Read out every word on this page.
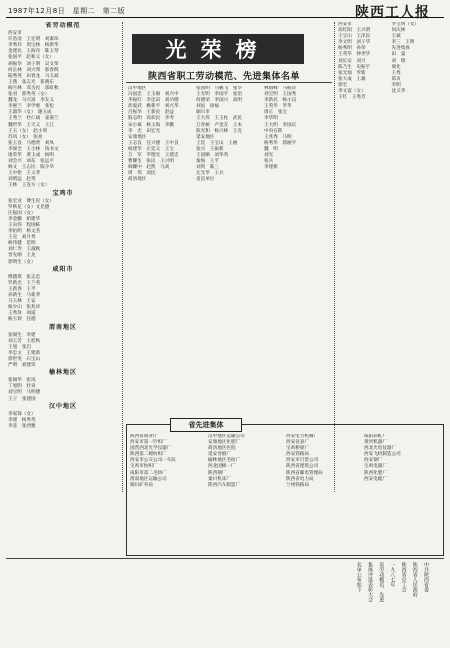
1987年12月8日　星期二　第二版	陕西工人报
省劳动模范

西安市

许浩清　王宏明　刘素珍

李秀玲　周宝林　杨新华

金建民　王海舟　陈玉琴

张国平　赵和义（女）

胡振华　刘子明　吴文荣

何长林　刘兴邦　郭春辉

陆秀英　田春龙　马义斌

王燕　张志光　崔晓东

杨月林　邓为民　郑虹秋

张君　郭秀英（女）

魏龙　马兴富　李友义

李惠兰　李学惠　张松

王淑华（女）　谢五成

王秀兰　杜仁斌　姜菊兰

魏世华　王天义　王江

王玉（女）　赵小周

苏风（女）　张亮

张玉良　马德贤　刘凤

李保全　王小林　钱书文

康荣华　黄玉成　杨明

刘会兴　刘东　张远平

杨文　王志民　陈少华

王中伦　王义孝

刘明远　赵英

王林　王连方（女）

宝鸡市

张宏业　傅生民（女）

罗秋花（女）文克德

汪振国（女）

李金鹏　柏建华

王向伟　程国栋

李佑明　杨文杰

王克　刘月秀

杨伟健　范明

刘仁寿　王淑秋

晋先刚　王龙

郭明生（女）

咸阳市

傅德琪　张志忠

罗新光　王兰英

王新春　王平

孙新生　马新孝

马玉林　王安

杨少山　张兆祥

王秀珍　刘道

杨玉锁　任德

渭南地区

张锡生　李建

刘玉芳　王桂秋

王旭　张启

李忠文　王建新

郭世英　石宝山

严明　刘建荣

榆林地区

张锡华　张岚

丁旭明　杜泉

刘宝明　马明德

王子　张建国

汉中地区

李家锋（女）

李建　杨秀英

李彦　张西雅

光荣榜
陕西省职工劳动模范、先进集体名单

汉中地区

冯国忠　王玉俊　刘兴中

李振红　李忠田　刘功德

彭爱武　姚新平　刘兴华

吕振华　王新民　赵益

殷志明　高积民　李寿

宋小斌　杨玉海　李鹏

李　光　田宏光

安康地区

王志良　任兴德　王中良

杨建华　庄廷义　王宝

万　军　罗德光　王建忠

曹耀生　张民　王兴明

阎耀中　赵凯　马高

周　伟　刘民

商洛地区

张国明　马鹏飞　张华

王光明　李国平　张治

何德荣　李国兴　高明

刘星　徐福

铜川市

王大伟　王玉柱　武民

万青树　卢金友　王本

陈光和　杨兴林　王克

延安地区

王廷　王宝山　王丽

张兴　王振新

王国顺　刘华英

秦海　王平

刘剑　陈三

左光华　王兵

省直单位

林海峰　马振洋

刘宝明　王国秀

李新民　杨小良

王英华　罗华

周正　张宝

李华明

王大明　李国庆

中央在陕

王兆秀　马明

杨秀华　郭丽平

魏　明

刘光

张兵

李建新

西安市

高红阳　王兴明

王宝山　王泽民

李文明　刘子华

杨秀明　孙荣

王英华　钟世华

刘长安　刘兴

陈乃生　史振宇

张光灿　罗新

张大成　王雄

郭宏

李文富（女）

王红　王秀芳

罗宝明（女）

何庆林

王斌

李三　王明

先进集体

田　曼

刘　瑞

康化

王秀

郑贞

李明

沈义华

省先进集体

陕西省商业厅

西安市第一针织厂

国营西北光学仪器厂

陕西第二棉纺织厂

西安市公交公司一车队

宝鸡市纺织厂

咸阳市第二毛纺厂

渭南地区运输公司

铜川矿务局

汉中地区运输公司

安康地区化肥厂

商洛地区医院

延安卷烟厂

榆林地区毛纺厂

西北国棉一厂

陕西钢厂

秦川机床厂

陕西汽车制造厂

西安电力机械厂

西安仪表厂

宝鸡桥梁厂

西安铁路局

西安市百货公司

陕西省建筑公司

陕西省邮电管理局

陕西省电力局

兰州铁路局

咸阳彩虹厂

黄河机器厂

西北光电仪器厂

西安飞机制造公司

西安钢厂

宝鸡电器厂

陕西化肥厂

西安电缆厂

中共陕西省委

陕西省人民政府

陕西省总工会

一九八七年

省劳动模范、先进

集体评选表彰大会

名单公布如下
